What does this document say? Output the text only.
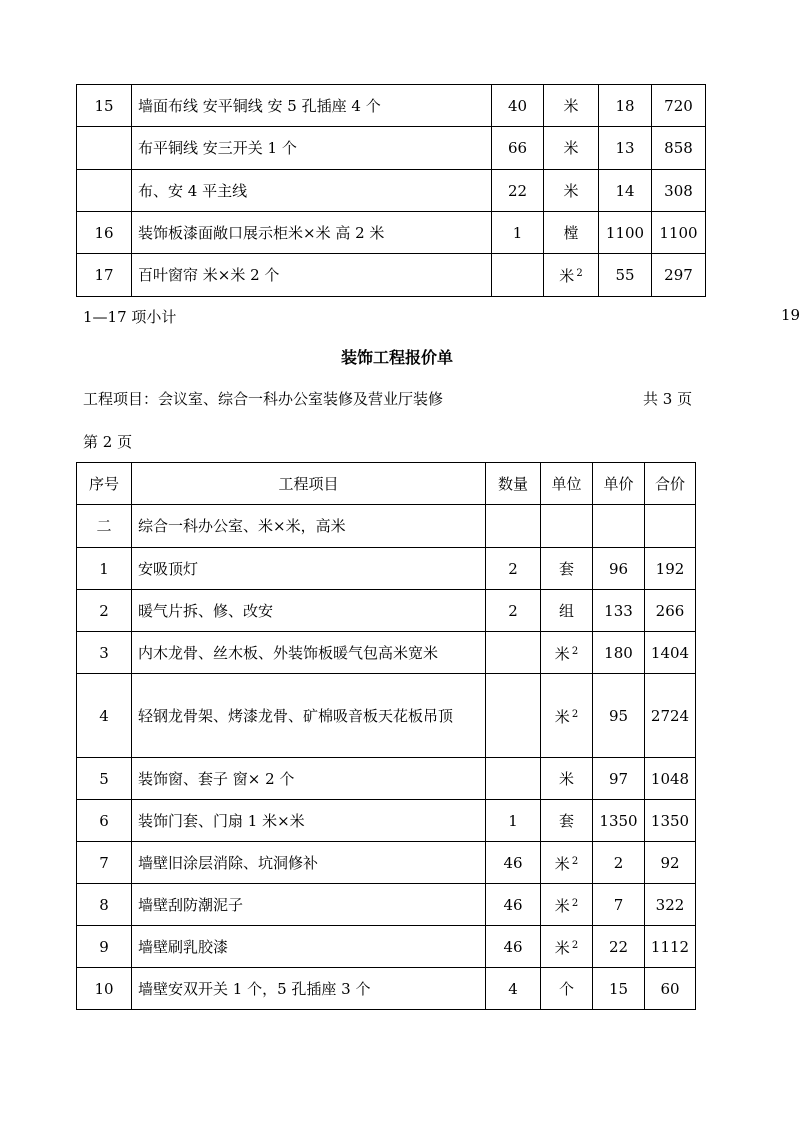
15	墙面布线 安平铜线 安 5 孔插座 4 个	40	米	18	720
	布平铜线 安三开关 1 个	66	米	13	858
	布、安 4 平主线	22	米	14	308
16	装饰板漆面敞口展示柜米×米 高 2 米	1	樘	1100	1100
17	百叶窗帘 米×米 2 个		米 $^2$	55	297
1—17 项小计	19
装饰工程报价单
工程项目：会议室、综合一科办公室装修及营业厅装修	共 3 页
第 2 页
序号	工程项目	数量	单位	单价	合价
二	综合一科办公室、米×米，高米				
1	安吸顶灯	2	套	96	192
2	暖气片拆、修、改安	2	组	133	266
3	内木龙骨、丝木板、外装饰板暖气包高米宽米		米 $^2$	180	1404
4	轻钢龙骨架、烤漆龙骨、矿棉吸音板天花板吊顶		米 $^2$	95	2724
5	装饰窗、套子 窗× 2 个		米	97	1048
6	装饰门套、门扇 1 米×米	1	套	1350	1350
7	墙壁旧涂层消除、坑洞修补	46	米 $^2$	2	92
8	墙壁刮防潮泥子	46	米 $^2$	7	322
9	墙壁刷乳胶漆	46	米 $^2$	22	1112
10	墙壁安双开关 1 个，5 孔插座 3 个	4	个	15	60
